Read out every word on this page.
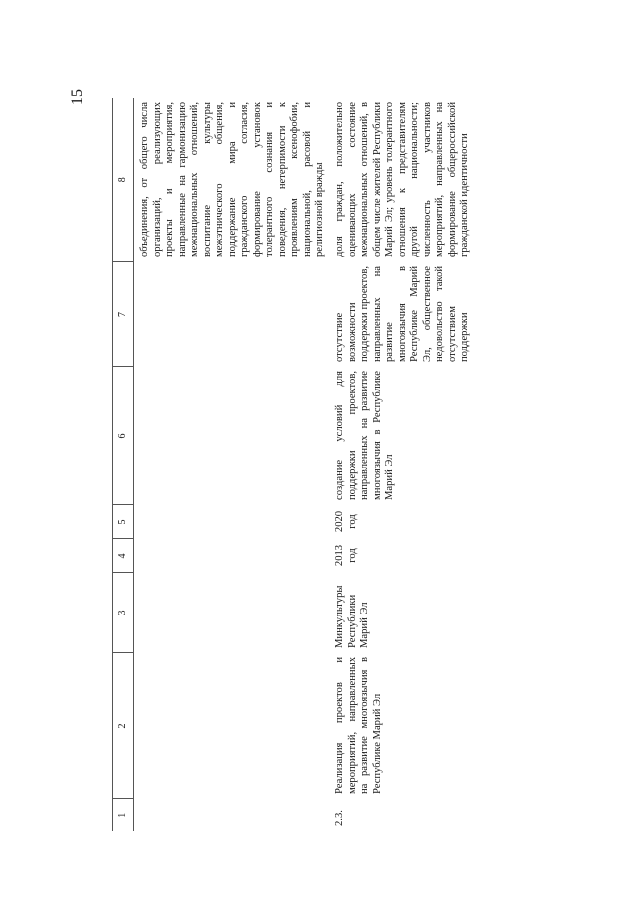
15
1	2	3	4	5	6	7	8
							объединения, от общего числа организаций, реализующих проекты и мероприятия, направленные на гармонизацию межнациональных отношений, воспитание культуры межэтнического общения, поддержание мира и гражданского согласия, формирование установок толерантного сознания и поведения, нетерпимости к проявлениям ксенофобии, национальной, расовой и религиозной вражды
2.3.	Реализация проектов и мероприятий, направленных на развитие многоязычия в Республике Марий Эл	Минкультуры Республики Марий Эл	2013 год	2020 год	создание условий для поддержки проектов, направленных на развитие многоязычия в Республике Марий Эл	отсутствие возможности поддержки проектов, направленных на развитие многоязычия в Республике Марий Эл, общественное недовольство такой отсутствием поддержки	доля граждан, положительно оценивающих состояние межнациональных отношений, в общем числе жителей Республики Марий Эл; уровень толерантного отношения к представителям другой национальности; численность участников мероприятий, направленных на формирование общероссийской гражданской идентичности
